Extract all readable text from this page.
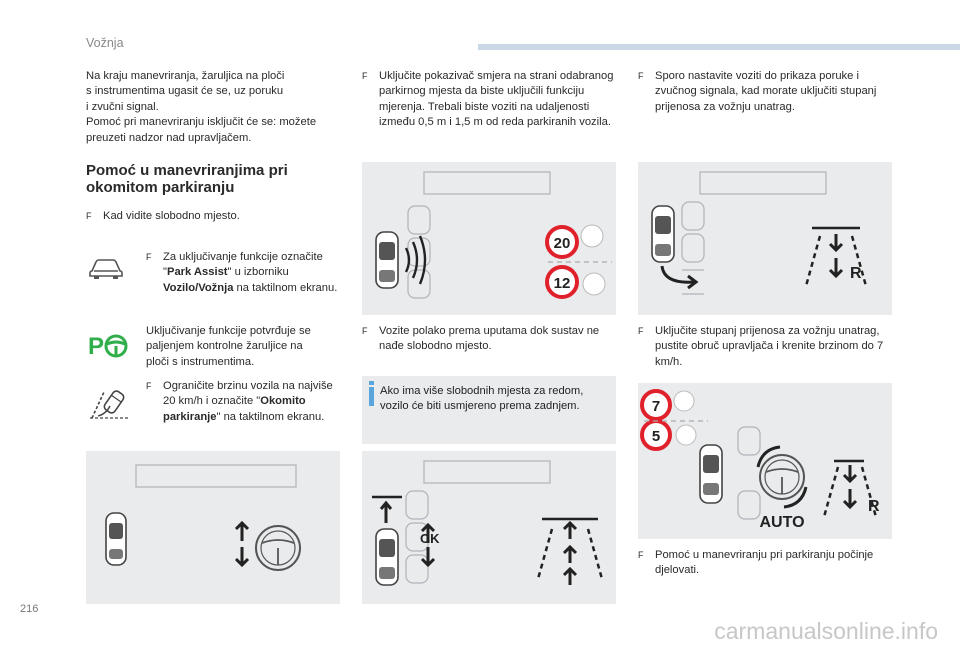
Vožnja
Na kraju manevriranja, žaruljica na ploči
s instrumentima ugasit će se, uz poruku
i zvučni signal.
Pomoć pri manevriranju isključit će se: možete
preuzeti nadzor nad upravljačem.
Pomoć u manevriranjima pri
okomitom parkiranju
F	Kad vidite slobodno mjesto.
F	Za uključivanje funkcije označite "Park Assist" u izborniku Vozilo/Vožnja na taktilnom ekranu.
P
Uključivanje funkcije potvrđuje se
paljenjem kontrolne žaruljice na
ploči s instrumentima.
F	Ograničite brzinu vozila na najviše 20 km/h i označite "Okomito parkiranje" na taktilnom ekranu.
F	Uključite pokazivač smjera na strani odabranog parkirnog mjesta da biste uključili funkciju mjerenja. Trebali biste voziti na udaljenosti između 0,5 m i 1,5 m od reda parkiranih vozila.
20
12
F	Vozite polako prema uputama dok sustav ne nađe slobodno mjesto.
Ako ima više slobodnih mjesta za redom, vozilo će biti usmjereno prema zadnjem.
OK
F	Sporo nastavite voziti do prikaza poruke i zvučnog signala, kad morate uključiti stupanj prijenosa za vožnju unatrag.
R
F	Uključite stupanj prijenosa za vožnju unatrag, pustite obruč upravljača i krenite brzinom do 7 km/h.
7
5
AUTO
R
F	Pomoć u manevriranju pri parkiranju počinje djelovati.
216
carmanualsonline.info
